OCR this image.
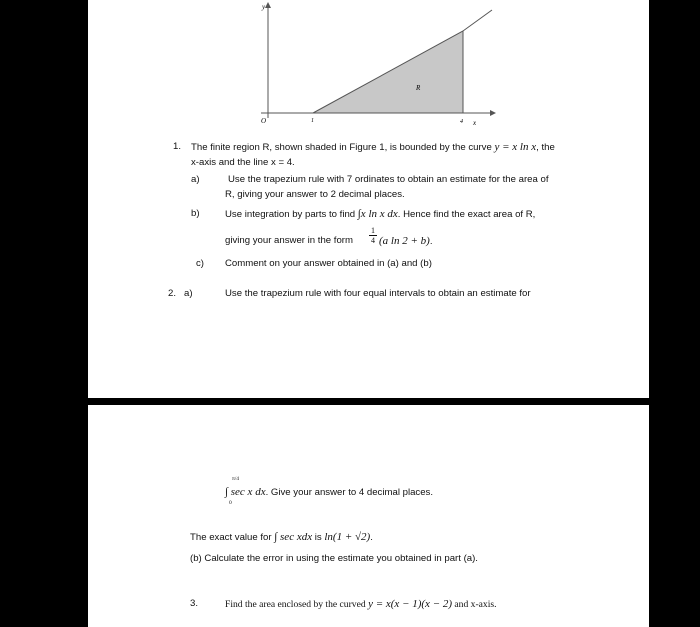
y
x
O	1	4
R
1. The finite region R, shown shaded in Figure 1, is bounded by the curve y = x ln x, the
x-axis and the line x = 4.
a)	Use the trapezium rule with 7 ordinates to obtain an estimate for the area of
R, giving your answer to 2 decimal places.
b)	Use integration by parts to find ∫x ln x dx. Hence find the exact area of R,
giving your answer in the form $\frac{1}{4} (a$ ln 2 + b).
c) Comment on your answer obtained in (a) and (b)
2. a)	Use the trapezium rule with four equal intervals to obtain an estimate for
∫ sec x dx. Give your answer to 4 decimal places.
π/4
0
The exact value for ∫ sec xdx is ln(1 + √2).
(b) Calculate the error in using the estimate you obtained in part (a).
3.	Find the area enclosed by the curved y = x(x − 1)(x − 2) and x-axis.
